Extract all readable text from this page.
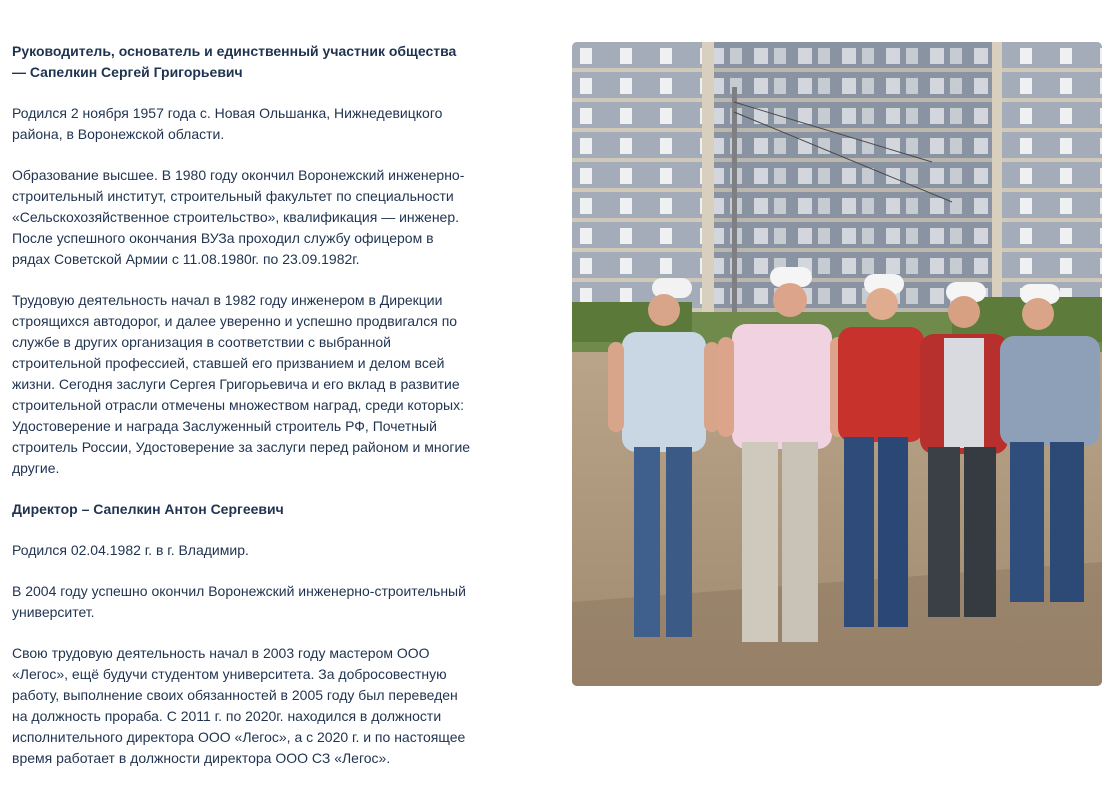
Руководитель, основатель и единственный участник общества — Сапелкин Сергей Григорьевич

Родился 2 ноября 1957 года с. Новая Ольшанка, Нижнедевицкого района, в Воронежской области.

Образование высшее. В 1980 году окончил Воронежский инженерно-строительный институт, строительный факультет по специальности «Сельскохозяйственное строительство», квалификация — инженер. После успешного окончания ВУЗа проходил службу офицером в рядах Советской Армии с 11.08.1980г. по 23.09.1982г.

Трудовую деятельность начал в 1982 году инженером в Дирекции строящихся автодорог, и далее уверенно и успешно продвигался по службе в других организация в соответствии с выбранной строительной профессией, ставшей его призванием и делом всей жизни. Сегодня заслуги Сергея Григорьевича и его вклад в развитие строительной отрасли отмечены множеством наград, среди которых: Удостоверение и награда Заслуженный строитель РФ, Почетный строитель России, Удостоверение за заслуги перед районом и многие другие.

Директор – Сапелкин Антон Сергеевич

Родился 02.04.1982 г. в г. Владимир.

В 2004 году успешно окончил Воронежский инженерно-строительный университет.

Свою трудовую деятельность начал в 2003 году мастером ООО «Легос», ещё будучи студентом университета. За добросовестную работу, выполнение своих обязанностей в 2005 году был переведен на должность прораба. С 2011 г. по 2020г. находился в должности исполнительного директора ООО «Легос», а с 2020 г. и по настоящее время работает в должности директора ООО СЗ «Легос».
